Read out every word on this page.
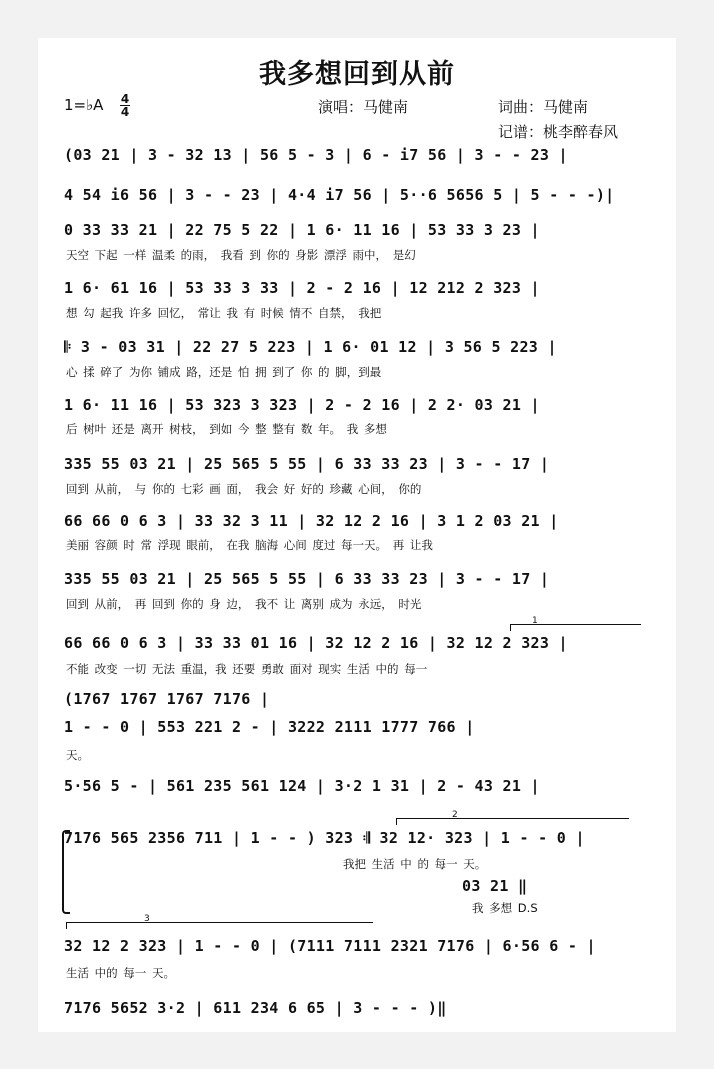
我多想回到从前
1=♭A 4
4	演唱：马健南	词曲：马健南
记谱：桃李醉春风
(03 21 | 3 - 32 13 | 56 5 - 3 | 6 - i7 56 | 3 - - 23 |
4 54 i6 56 | 3 - - 23 | 4·4 i7 56 | 5··6 5656 5 | 5 - - -)|
0 33 33 21 | 22 75 5 22 | 1 6· 11 16 | 53 33 3 23 |
天空 下起 一样 温柔 的雨， 我看 到 你的 身影 漂浮 雨中， 是幻
1 6· 61 16 | 53 33 3 33 | 2 - 2 16 | 12 212 2 323 |
想 勾 起我 许多 回忆， 常让 我 有 时候 情不 自禁， 我把
𝄆 3 - 03 31 | 22 27 5 223 | 1 6· 01 12 | 3 56 5 223 |
心 揉 碎了 为你 铺成 路，还是 怕 拥 到了 你 的 脚，到最
1 6· 11 16 | 53 323 3 323 | 2 - 2 16 | 2 2· 03 21 |
后 树叶 还是 离开 树枝， 到如 今 整 整有 数 年。 我 多想
335 55 03 21 | 25 565 5 55 | 6 33 33 23 | 3 - - 17 |
回到 从前， 与 你的 七彩 画 面， 我会 好 好的 珍藏 心间， 你的
66 66 0 6 3 | 33 32 3 11 | 32 12 2 16 | 3 1 2 03 21 |
美丽 容颜 时 常 浮现 眼前， 在我 脑海 心间 度过 每一天。 再 让我
335 55 03 21 | 25 565 5 55 | 6 33 33 23 | 3 - - 17 |
回到 从前， 再 回到 你的 身 边， 我不 让 离别 成为 永远， 时光
1
66 66 0 6 3 | 33 33 01 16 | 32 12 2 16 | 32 12 2 323 |
不能 改变 一切 无法 重温，我 还要 勇敢 面对 现实 生活 中的 每一
(1767 1767 1767 7176 |
1 - - 0 | 553 221 2 - | 3222 2111 1777 766 |
天。
5·56 5 - | 561 235 561 124 | 3·2 1 31 | 2 - 43 21 |
2
7176 565 2356 711 | 1 - - ) 323 𝄇 32 12· 323 | 1 - - 0 |
我把 生活 中 的 每一 天。
03 21 ‖
我 多想 D.S
3
32 12 2 323 | 1 - - 0 | (7111 7111 2321 7176 | 6·56 6 - |
生活 中的 每一 天。
7176 5652 3·2 | 611 234 6 65 | 3 - - - )‖
